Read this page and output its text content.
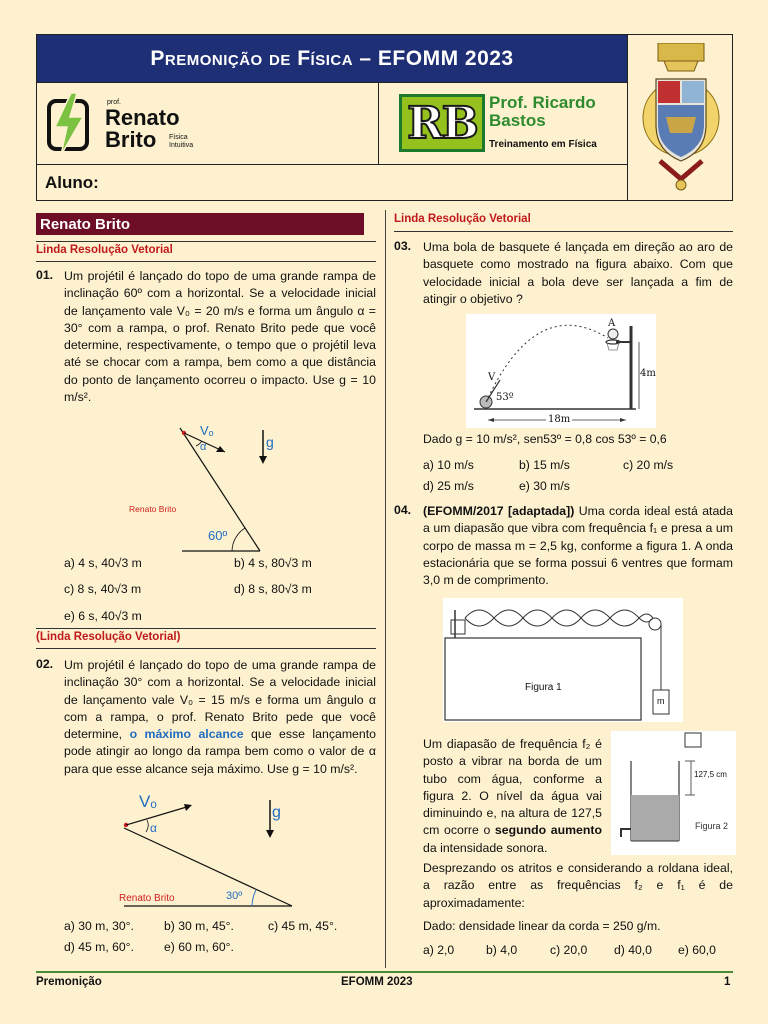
Premonição de Física – EFOMM 2023
prof.
Renato
Brito Física
Intuitiva	RB Prof. Ricardo
Bastos
Treinamento em Física
Aluno:
Renato Brito
Linda Resolução Vetorial
01. Um projétil é lançado do topo de uma grande rampa de inclinação 60º com a horizontal. Se a velocidade inicial de lançamento vale V₀ = 20 m/s e forma um ângulo α = 30° com a rampa, o prof. Renato Brito pede que você determine, respectivamente, o tempo que o projétil leva até se chocar com a rampa, bem como a que distância do ponto de lançamento ocorreu o impacto. Use g = 10 m/s².
Vₒ
α	g
60º
Renato Brito
a) 4 s, 40√3 m	b) 4 s, 80√3 m
c) 8 s, 40√3 m	d) 8 s, 80√3 m
e) 6 s, 40√3 m
(Linda Resolução Vetorial)
02. Um projétil é lançado do topo de uma grande rampa de inclinação 30° com a horizontal. Se a velocidade inicial de lançamento vale V₀ = 15 m/s e forma um ângulo α com a rampa, o prof. Renato Brito pede que você determine, o máximo alcance que esse lançamento pode atingir ao longo da rampa bem como o valor de α para que esse alcance seja máximo. Use g = 10 m/s².
Vₒ
α
g
30º
Renato Brito
a) 30 m, 30°. b) 30 m, 45°.	c) 45 m, 45°.
d) 45 m, 60°. e) 60 m, 60°.
Linda Resolução Vetorial
03. Uma bola de basquete é lançada em direção ao aro de basquete como mostrado na figura abaixo. Com que velocidade inicial a bola deve ser lançada a fim de atingir o objetivo ?
A
V
53º
4m
18m
Dado g = 10 m/s², sen53º = 0,8 cos 53º = 0,6
a) 10 m/s	b) 15 m/s	c) 20 m/s
d) 25 m/s	e) 30 m/s
04. (EFOMM/2017 [adaptada]) Uma corda ideal está atada a um diapasão que vibra com frequência f₁ e presa a um corpo de massa m = 2,5 kg, conforme a figura 1. A onda estacionária que se forma possui 6 ventres que formam 3,0 m de comprimento.
Figura 1
m
Um diapasão de frequência f₂ é posto a vibrar na borda de um tubo com água, conforme a figura 2. O nível da água vai diminuindo e, na altura de 127,5 cm ocorre o segundo aumento da intensidade sonora.
127,5 cm
Figura 2
Desprezando os atritos e considerando a roldana ideal, a razão entre as frequências f₂ e f₁ é de aproximadamente:
Dado: densidade linear da corda = 250 g/m.
a) 2,0	b) 4,0	c) 20,0 d) 40,0 e) 60,0
Premonição	EFOMM 2023	1
